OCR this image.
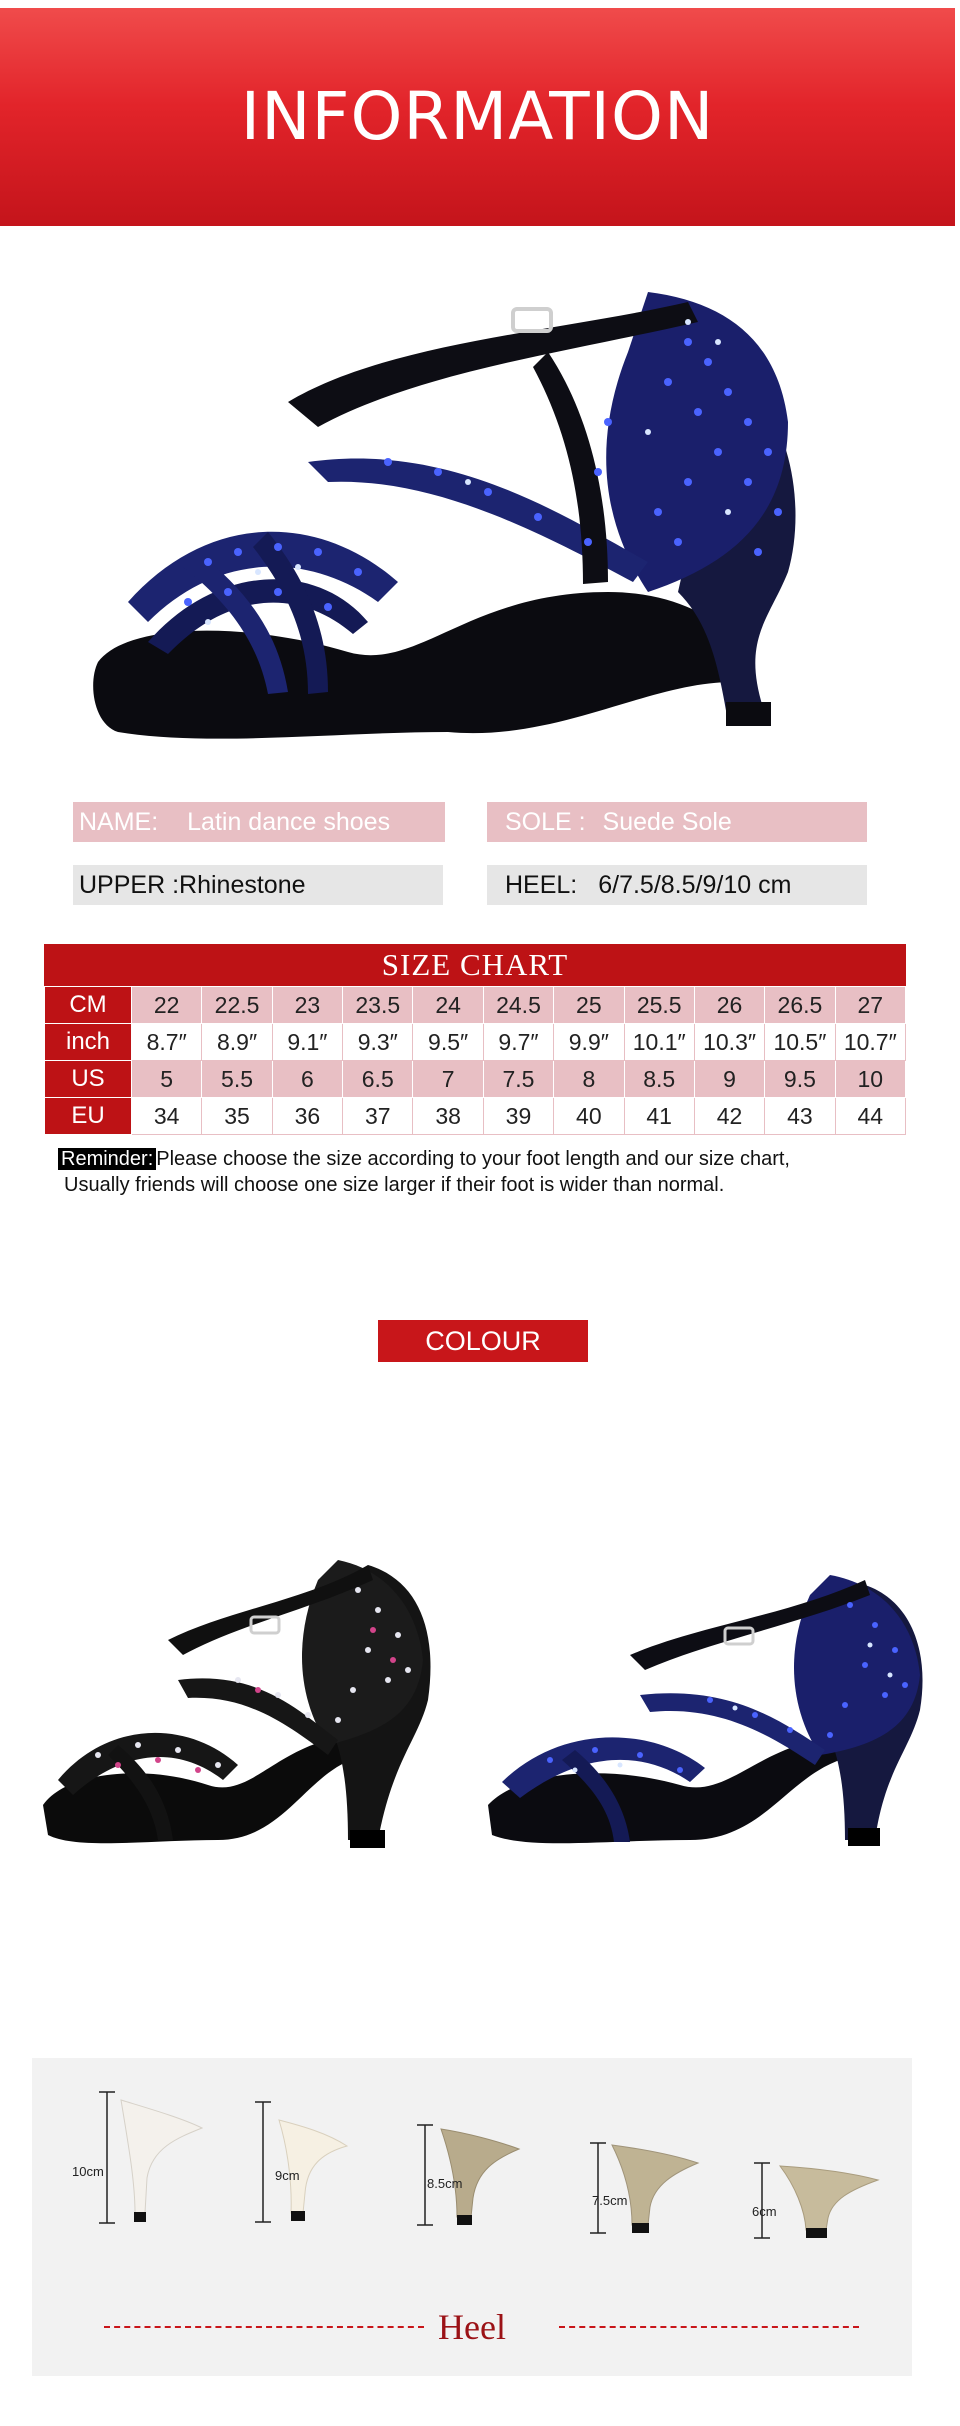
INFORMATION
NAME: Latin dance shoes	SOLE : Suede Sole
UPPER :Rhinestone	HEEL: 6/7.5/8.5/9/10 cm
SIZE CHART
CM	22	22.5	23	23.5	24	24.5	25	25.5	26	26.5	27
inch	8.7″	8.9″	9.1″	9.3″	9.5″	9.7″	9.9″	10.1″	10.3″	10.5″	10.7″
US	5	5.5	6	6.5	7	7.5	8	8.5	9	9.5	10
EU	34	35	36	37	38	39	40	41	42	43	44
Reminder: Please choose the size according to your foot length and our size chart,
Usually friends will choose one size larger if their foot is wider than normal.
COLOUR
10cm	9cm
8.5cm
7.5cm
6cm
Heel
